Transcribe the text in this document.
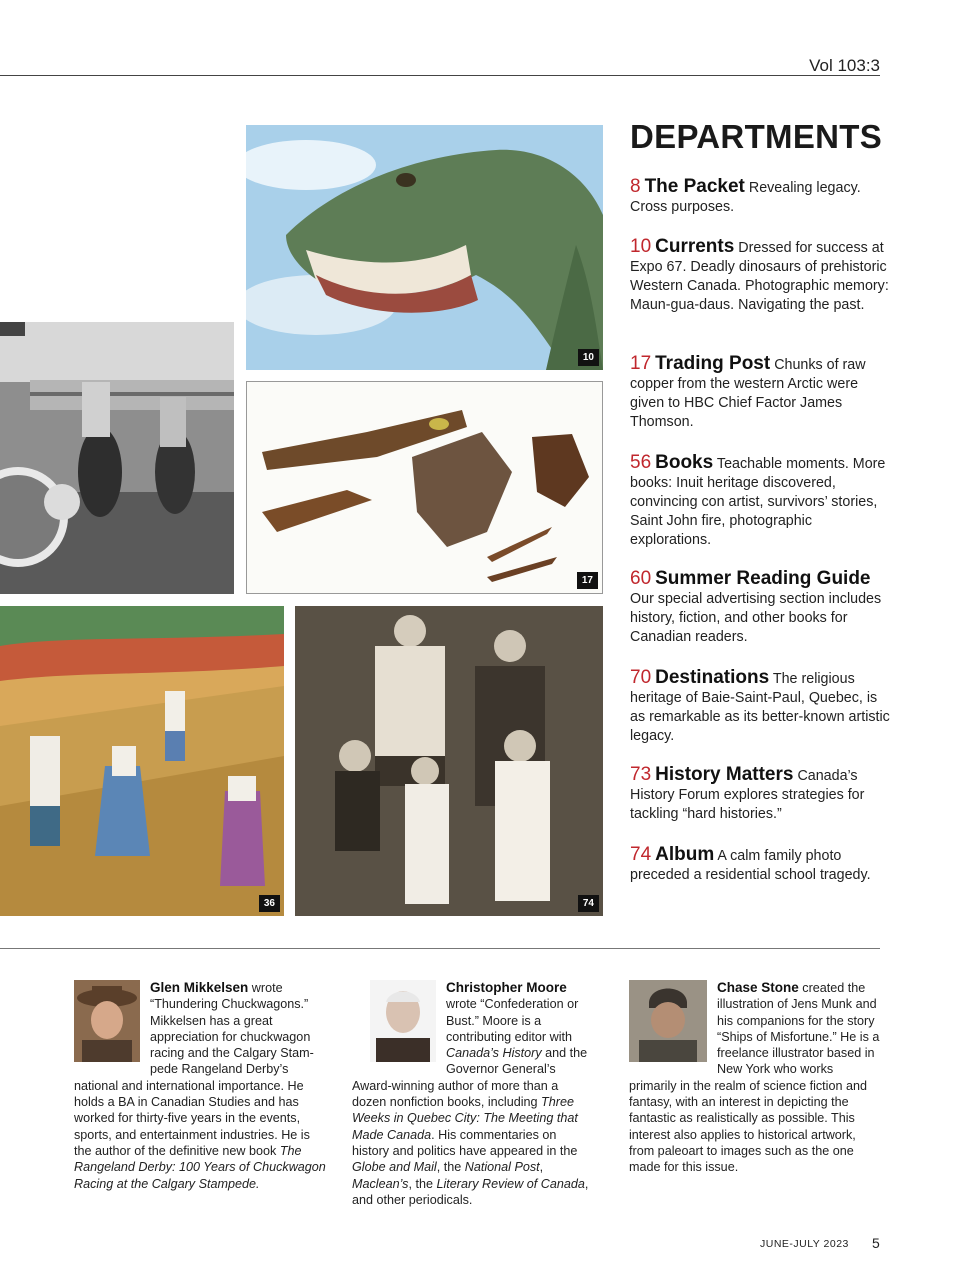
Vol 103:3
10
17
36	74
DEPARTMENTS
8 The Packet Revealing legacy. Cross purposes.
10 Currents Dressed for success at Expo 67. Deadly dinosaurs of prehistoric Western Canada. Photographic memory: Maun-gua-daus. Navigating the past.
17 Trading Post Chunks of raw copper from the western Arctic were given to HBC Chief Factor James Thomson.
56 Books Teachable moments. More books: Inuit heritage discovered, convincing con artist, survivors’ stories, Saint John fire, photographic explorations.
60 Summer Reading Guide Our special advertising section includes history, fiction, and other books for Canadian readers.
70 Destinations The religious heritage of Baie-Saint-Paul, Quebec, is as remarkable as its better-known artistic legacy.
73 History Matters Canada’s History Forum explores strategies for tackling “hard histories.”
74 Album A calm family photo preceded a residential school tragedy.
Glen Mikkelsen wrote “Thundering Chuckwagons.” Mikkelsen has a great appreciation for chuckwagon racing and the Calgary Stampede Rangeland Derby’s national and international importance. He holds a BA in Canadian Studies and has worked for thirty-five years in the events, sports, and entertainment industries. He is the author of the definitive new book The Rangeland Derby: 100 Years of Chuckwagon Racing at the Calgary Stampede.
Christopher Moore wrote “Confederation or Bust.” Moore is a contributing editor with Canada’s History and the Governor General’s Award-winning author of more than a dozen nonfiction books, including Three Weeks in Quebec City: The Meeting that Made Canada. His commentaries on history and politics have appeared in the Globe and Mail, the National Post, Maclean’s, the Literary Review of Canada, and other periodicals.
Chase Stone created the illustration of Jens Munk and his companions for the story “Ships of Misfortune.” He is a freelance illustrator based in New York who works primarily in the realm of science fiction and fantasy, with an interest in depicting the fantastic as realistically as possible. This interest also applies to historical artwork, from paleoart to images such as the one made for this issue.
JUNE-JULY 2023 5
